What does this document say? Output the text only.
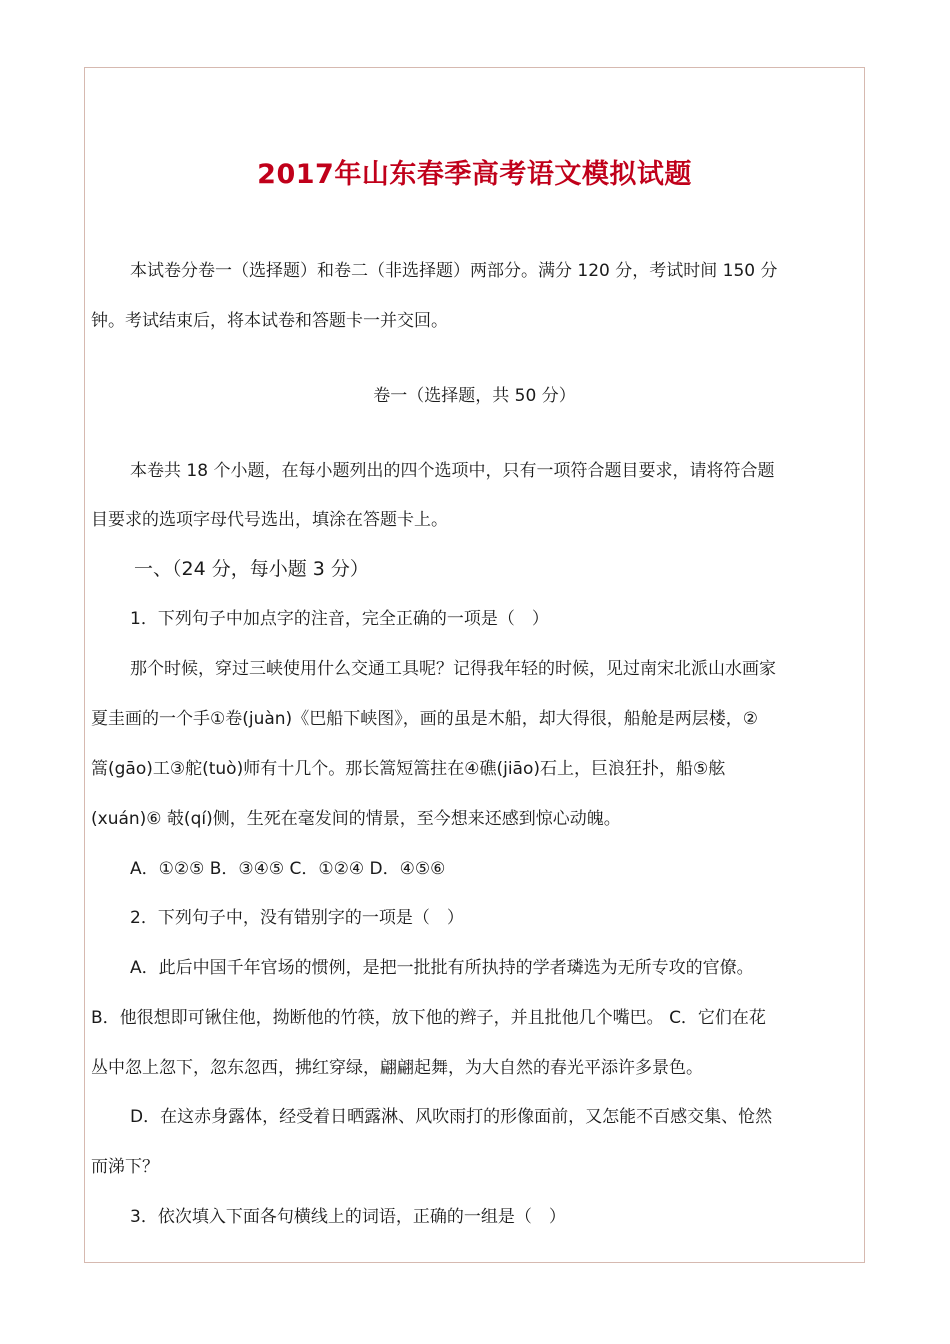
2017年山东春季高考语文模拟试题
本试卷分卷一（选择题）和卷二（非选择题）两部分。满分 120 分，考试时间 150 分
钟。考试结束后，将本试卷和答题卡一并交回。
卷一（选择题，共 50 分）
本卷共 18 个小题，在每小题列出的四个选项中，只有一项符合题目要求，请将符合题
目要求的选项字母代号选出，填涂在答题卡上。
一、（24 分，每小题 3 分）
1．下列句子中加点字的注音，完全正确的一项是（　）
那个时候，穿过三峡使用什么交通工具呢？记得我年轻的时候，见过南宋北派山水画家
夏圭画的一个手①卷(juàn)《巴船下峡图》，画的虽是木船，却大得很，船舱是两层楼，②
篙(gāo)工③舵(tuò)师有十几个。那长篙短篙拄在④礁(jiāo)石上，巨浪狂扑，船⑤舷
(xuán)⑥ 攲(qí)侧，生死在毫发间的情景，至今想来还感到惊心动魄。
A．①②⑤ B．③④⑤ C．①②④ D．④⑤⑥
2．下列句子中，没有错别字的一项是（　）
A．此后中国千年官场的惯例，是把一批批有所执持的学者璘选为无所专攻的官僚。
B．他很想即可锹住他，拗断他的竹筷，放下他的辫子，并且批他几个嘴巴。 C．它们在花
丛中忽上忽下，忽东忽西，拂红穿绿，翩翩起舞，为大自然的春光平添许多景色。
D．在这赤身露体，经受着日晒露淋、风吹雨打的形像面前，又怎能不百感交集、怆然
而涕下？
3．依次填入下面各句横线上的词语，正确的一组是（　）
